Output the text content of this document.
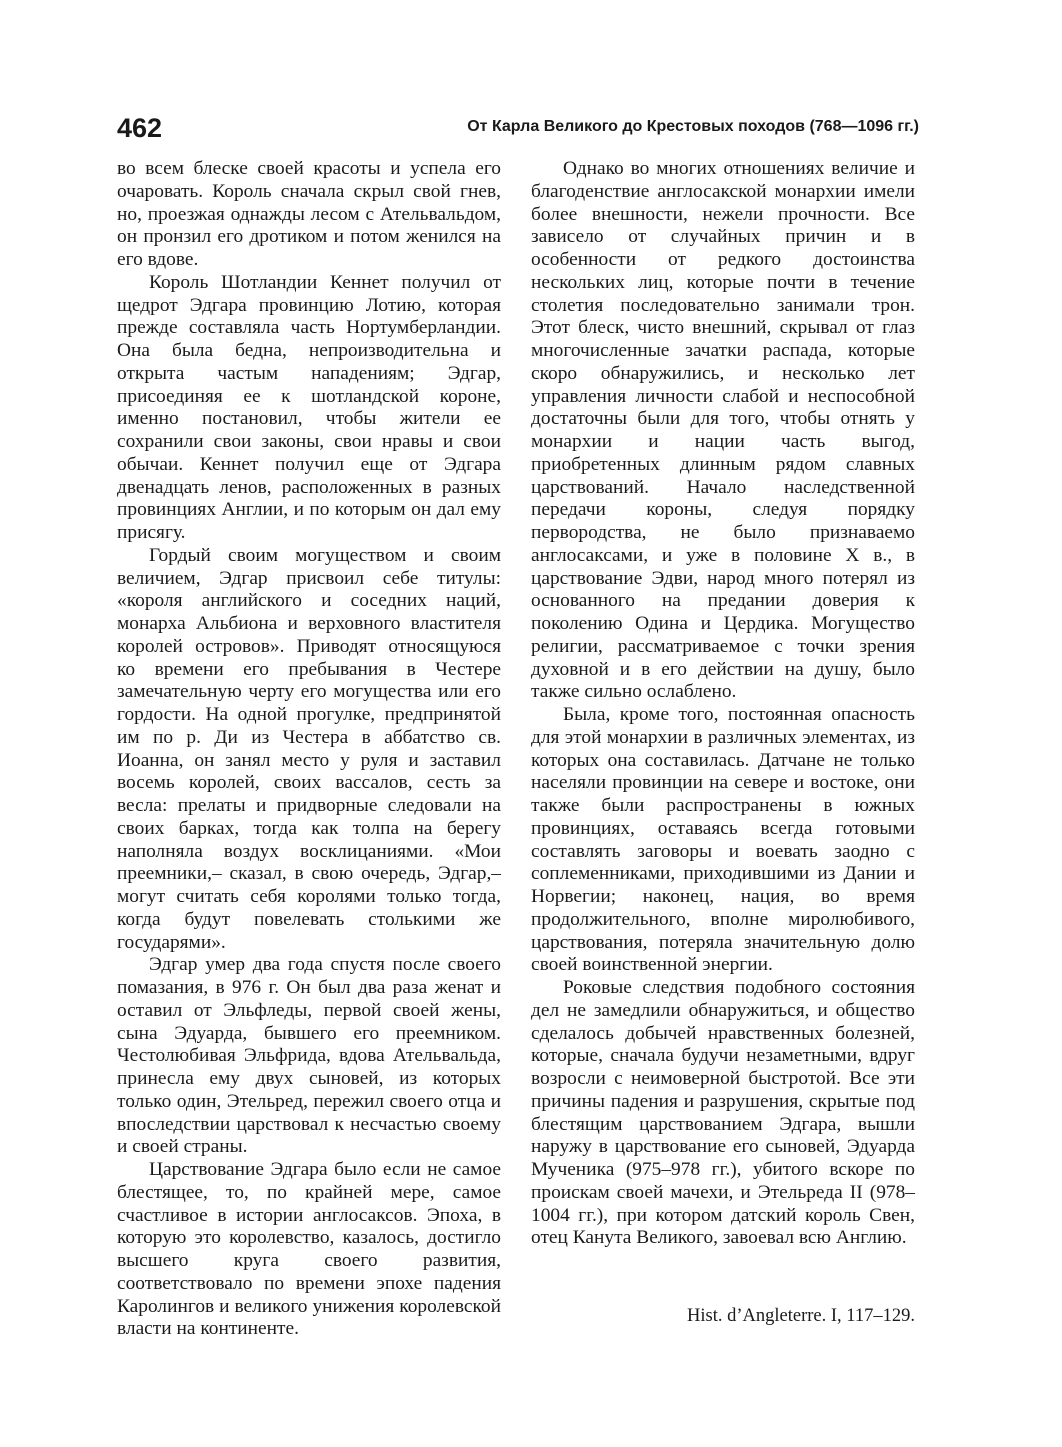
462	От Карла Великого до Крестовых походов (768—1096 гг.)

во всем блеске своей красоты и успела его очаровать. Король сначала скрыл свой гнев, но, проезжая однажды лесом с Ательвальдом, он пронзил его дротиком и потом женился на его вдове.

Король Шотландии Кеннет получил от щедрот Эдгара провинцию Лотию, которая прежде составляла часть Нортумберландии. Она была бедна, непроизводительна и открыта частым нападениям; Эдгар, присоединяя ее к шотландской короне, именно постановил, чтобы жители ее сохранили свои законы, свои нравы и свои обычаи. Кеннет получил еще от Эдгара двенадцать ленов, расположенных в разных провинциях Англии, и по которым он дал ему присягу.

Гордый своим могуществом и своим величием, Эдгар присвоил себе титулы: «короля английского и соседних наций, монарха Альбиона и верховного властителя королей островов». Приводят относящуюся ко времени его пребывания в Честере замечательную черту его могущества или его гордости. На одной прогулке, предпринятой им по р. Ди из Честера в аббатство св. Иоанна, он занял место у руля и заставил восемь королей, своих вассалов, сесть за весла: прелаты и придворные следовали на своих барках, тогда как толпа на берегу наполняла воздух восклицаниями. «Мои преемники,– сказал, в свою очередь, Эдгар,– могут считать себя королями только тогда, когда будут повелевать столькими же государями».

Эдгар умер два года спустя после своего помазания, в 976 г. Он был два раза женат и оставил от Эльфледы, первой своей жены, сына Эдуарда, бывшего его преемником. Честолюбивая Эльфрида, вдова Ательвальда, принесла ему двух сыновей, из которых только один, Этельред, пережил своего отца и впоследствии царствовал к несчастью своему и своей страны.

Царствование Эдгара было если не самое блестящее, то, по крайней мере, самое счастливое в истории англосаксов. Эпоха, в которую это королевство, казалось, достигло высшего круга своего развития, соответствовало по времени эпохе падения Каролингов и великого унижения королевской власти на континенте.

Однако во многих отношениях величие и благоденствие англосакской монархии имели более внешности, нежели прочности. Все зависело от случайных причин и в особенности от редкого достоинства нескольких лиц, которые почти в течение столетия последовательно занимали трон. Этот блеск, чисто внешний, скрывал от глаз многочисленные зачатки распада, которые скоро обнаружились, и несколько лет управления личности слабой и неспособной достаточны были для того, чтобы отнять у монархии и нации часть выгод, приобретенных длинным рядом славных царствований. Начало наследственной передачи короны, следуя порядку первородства, не было признаваемо англосаксами, и уже в половине X в., в царствование Эдви, народ много потерял из основанного на предании доверия к поколению Одина и Цердика. Могущество религии, рассматриваемое с точки зрения духовной и в его действии на душу, было также сильно ослаблено.

Была, кроме того, постоянная опасность для этой монархии в различных элементах, из которых она составилась. Датчане не только населяли провинции на севере и востоке, они также были распространены в южных провинциях, оставаясь всегда готовыми составлять заговоры и воевать заодно с соплеменниками, приходившими из Дании и Норвегии; наконец, нация, во время продолжительного, вполне миролюбивого, царствования, потеряла значительную долю своей воинственной энергии.

Роковые следствия подобного состояния дел не замедлили обнаружиться, и общество сделалось добычей нравственных болезней, которые, сначала будучи незаметными, вдруг возросли с неимоверной быстротой. Все эти причины падения и разрушения, скрытые под блестящим царствованием Эдгара, вышли наружу в царствование его сыновей, Эдуарда Мученика (975–978 гг.), убитого вскоре по проискам своей мачехи, и Этельреда II (978–1004 гг.), при котором датский король Свен, отец Канута Великого, завоевал всю Англию.

Hist. d’Angleterre. I, 117–129.
